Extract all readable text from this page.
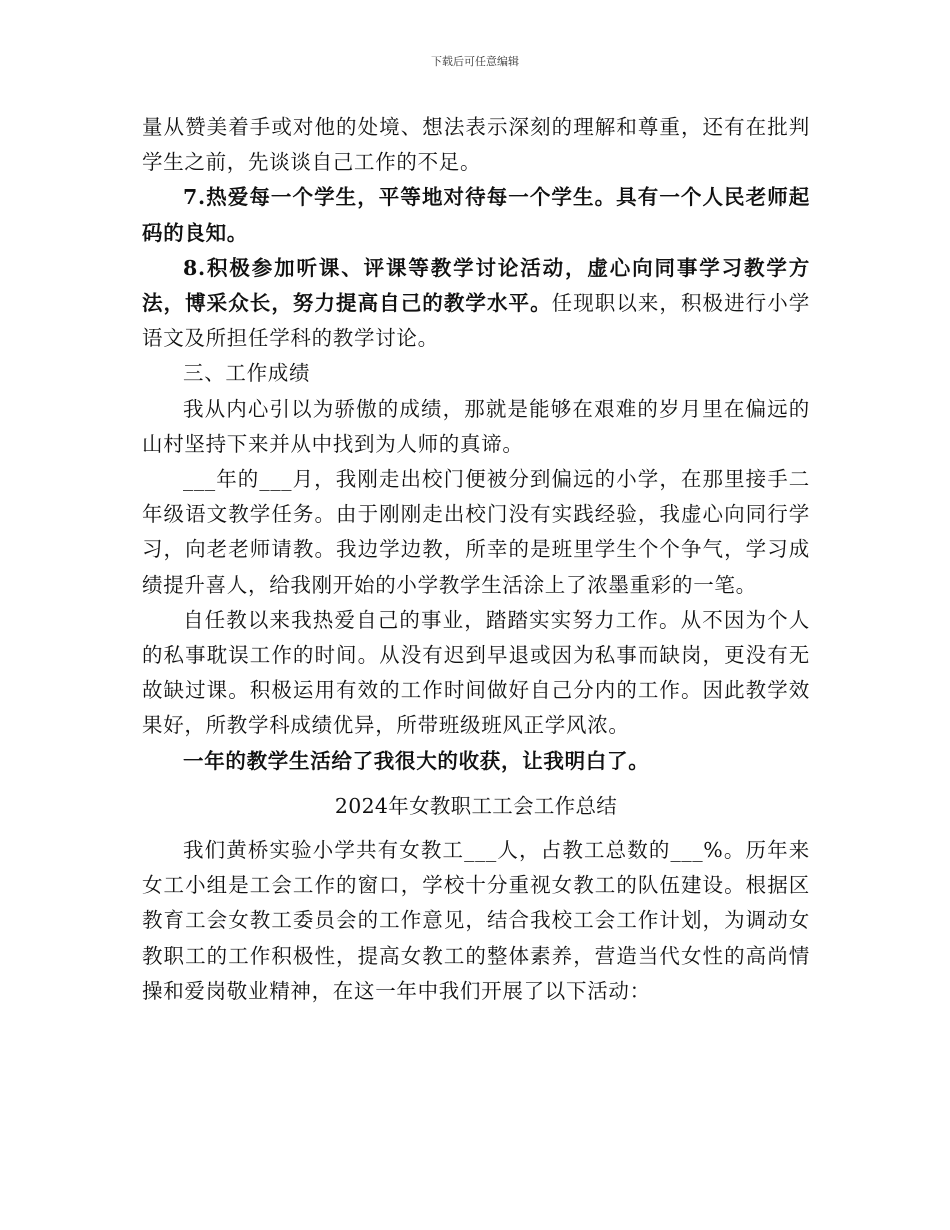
下载后可任意编辑

量从赞美着手或对他的处境、想法表示深刻的理解和尊重，还有在批判学生之前，先谈谈自己工作的不足。

7.热爱每一个学生，平等地对待每一个学生。具有一个人民老师起码的良知。

8.积极参加听课、评课等教学讨论活动，虚心向同事学习教学方法，博采众长，努力提高自己的教学水平。任现职以来，积极进行小学语文及所担任学科的教学讨论。

三、工作成绩

我从内心引以为骄傲的成绩，那就是能够在艰难的岁月里在偏远的山村坚持下来并从中找到为人师的真谛。

___年的___月，我刚走出校门便被分到偏远的小学，在那里接手二年级语文教学任务。由于刚刚走出校门没有实践经验，我虚心向同行学习，向老老师请教。我边学边教，所幸的是班里学生个个争气，学习成绩提升喜人，给我刚开始的小学教学生活涂上了浓墨重彩的一笔。

自任教以来我热爱自己的事业，踏踏实实努力工作。从不因为个人的私事耽误工作的时间。从没有迟到早退或因为私事而缺岗，更没有无故缺过课。积极运用有效的工作时间做好自己分内的工作。因此教学效果好，所教学科成绩优异，所带班级班风正学风浓。

一年的教学生活给了我很大的收获，让我明白了。

2024年女教职工工会工作总结

我们黄桥实验小学共有女教工___人，占教工总数的___%。历年来女工小组是工会工作的窗口，学校十分重视女教工的队伍建设。根据区教育工会女教工委员会的工作意见，结合我校工会工作计划，为调动女教职工的工作积极性，提高女教工的整体素养，营造当代女性的高尚情操和爱岗敬业精神，在这一年中我们开展了以下活动：
